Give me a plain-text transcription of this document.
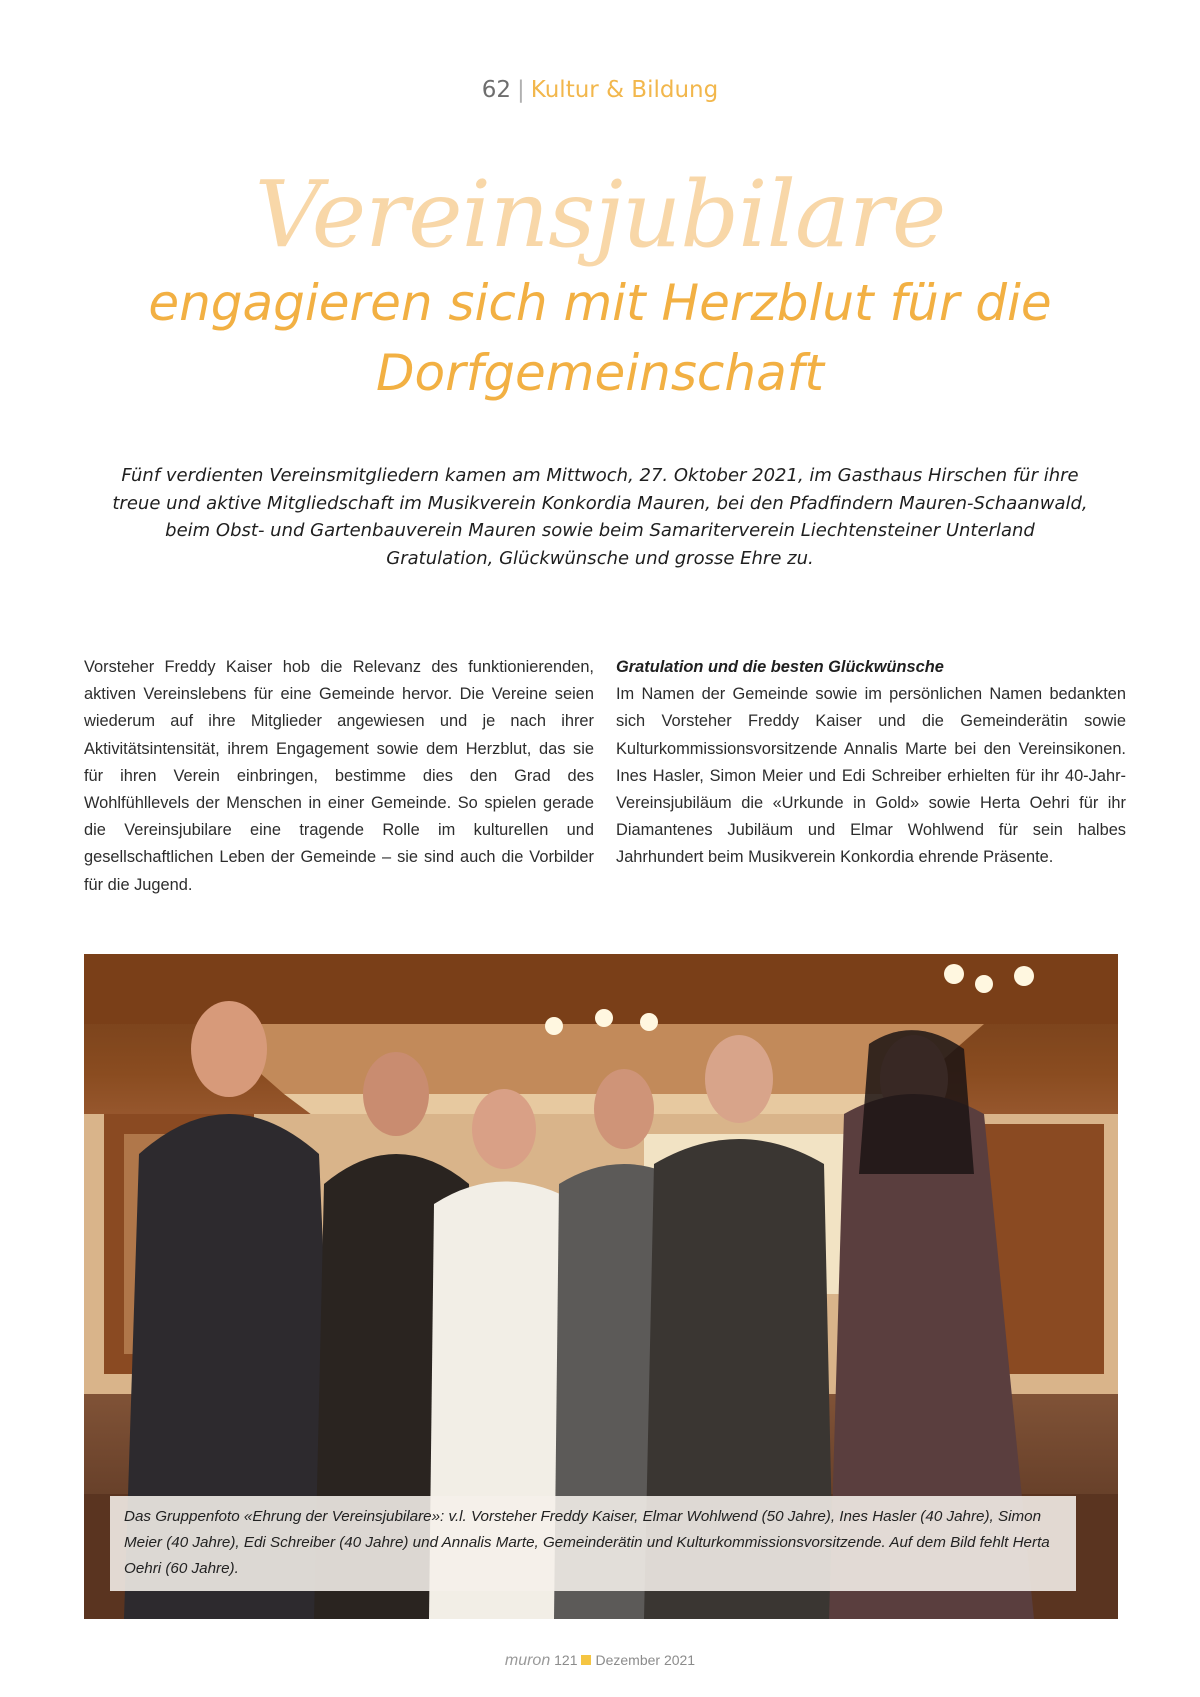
62 | Kultur & Bildung
Vereinsjubilare
engagieren sich mit Herzblut für die Dorfgemeinschaft

Fünf verdienten Vereinsmitgliedern kamen am Mittwoch, 27. Oktober 2021, im Gasthaus Hirschen für ihre treue und aktive Mitgliedschaft im Musikverein Konkordia Mauren, bei den Pfadfindern Mauren-Schaanwald, beim Obst- und Gartenbauverein Mauren sowie beim Samariterverein Liechtensteiner Unterland Gratulation, Glückwünsche und grosse Ehre zu.

Vorsteher Freddy Kaiser hob die Relevanz des funktionierenden, aktiven Vereinslebens für eine Gemeinde hervor. Die Vereine seien wiederum auf ihre Mitglieder angewiesen und je nach ihrer Aktivitätsintensität, ihrem Engagement sowie dem Herzblut, das sie für ihren Verein einbringen, bestimme dies den Grad des Wohlfühllevels der Menschen in einer Gemeinde. So spielen gerade die Vereinsjubilare eine tragende Rolle im kulturellen und gesellschaftlichen Leben der Gemeinde – sie sind auch die Vorbilder für die Jugend.

Gratulation und die besten Glückwünsche

Im Namen der Gemeinde sowie im persönlichen Namen bedankten sich Vorsteher Freddy Kaiser und die Gemeinderätin sowie Kulturkommissionsvorsitzende Annalis Marte bei den Vereinsikonen. Ines Hasler, Simon Meier und Edi Schreiber erhielten für ihr 40-Jahr-Vereinsjubiläum die «Urkunde in Gold» sowie Herta Oehri für ihr Diamantenes Jubiläum und Elmar Wohlwend für sein halbes Jahrhundert beim Musikverein Konkordia ehrende Präsente.

Das Gruppenfoto «Ehrung der Vereinsjubilare»: v.l. Vorsteher Freddy Kaiser, Elmar Wohlwend (50 Jahre), Ines Hasler (40 Jahre), Simon Meier (40 Jahre), Edi Schreiber (40 Jahre) und Annalis Marte, Gemeinderätin und Kulturkommissionsvorsitzende. Auf dem Bild fehlt Herta Oehri (60 Jahre).
muron 121 Dezember 2021
